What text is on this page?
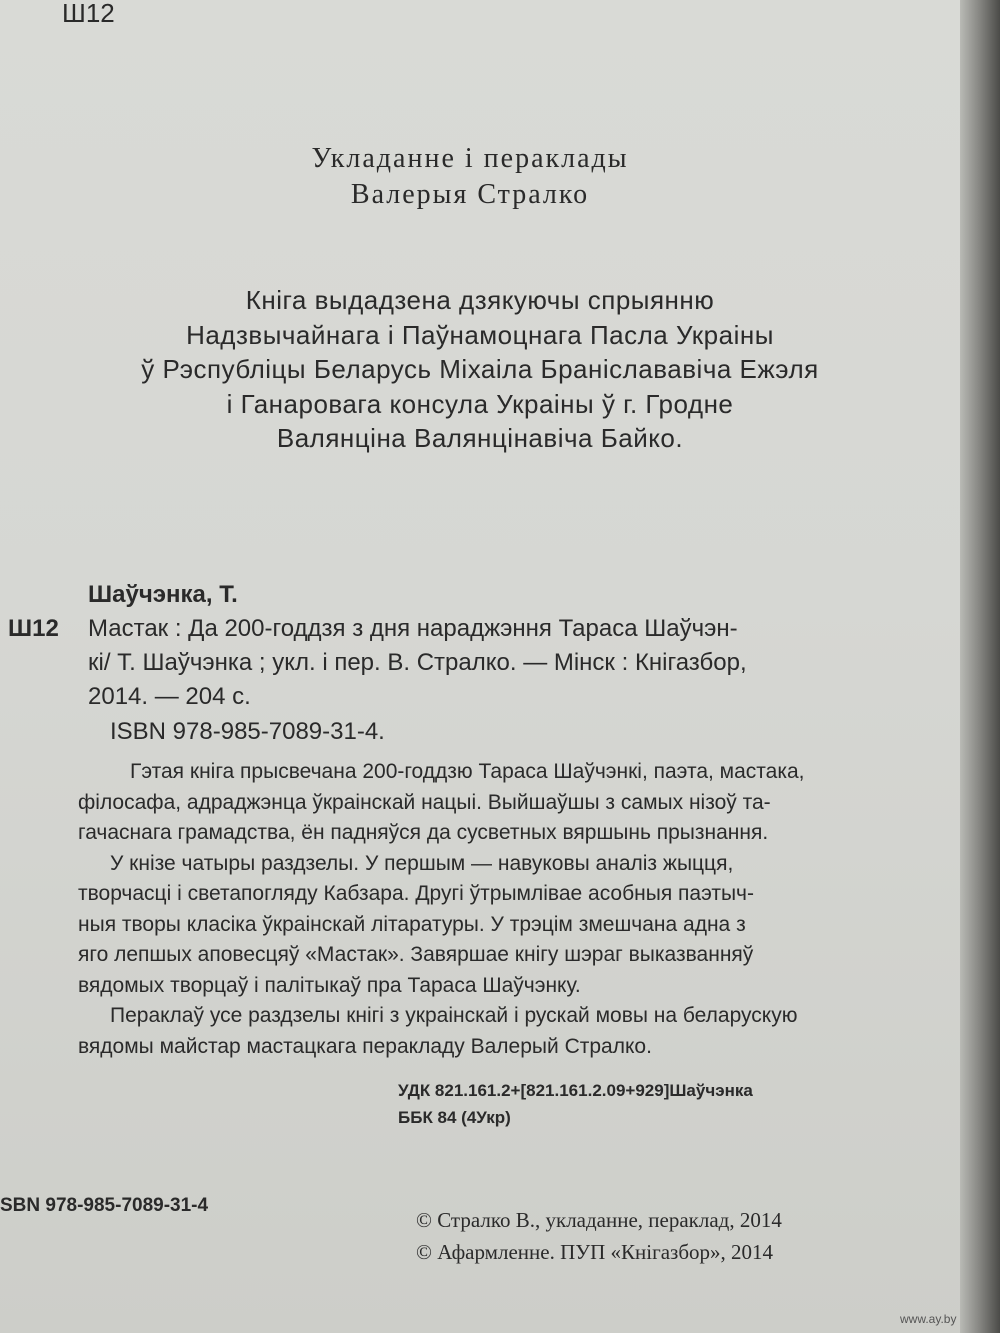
Ш12
Укладанне і пераклады
Валерыя Стралко
Кніга выдадзена дзякуючы спрыянню
Надзвычайнага і Паўнамоцнага Пасла Украіны
ў Рэспубліцы Беларусь Міхаіла Браніслававіча Ежэля
і Ганаровага консула Украіны ў г. Гродне
Валянціна Валянцінавіча Байко.
Шаўчэнка, Т.
Ш12 Мастак : Да 200-годдзя з дня нараджэння Тараса Шаўчэн-
кі/ Т. Шаўчэнка ; укл. і пер. В. Стралко. — Мінск : Кнігазбор,
2014. — 204 с.
ISBN 978-985-7089-31-4.
Гэтая кніга прысвечана 200-годдзю Тараса Шаўчэнкі, паэта, мастака,
філосафа, адраджэнца ўкраінскай нацыі. Выйшаўшы з самых нізоў та-
гачаснага грамадства, ён падняўся да сусветных вяршынь прызнання.
У кнізе чатыры раздзелы. У першым — навуковы аналіз жыцця,
творчасці і светапогляду Кабзара. Другі ўтрымлівае асобныя паэтыч-
ныя творы класіка ўкраінскай літаратуры. У трэцім змешчана адна з
яго лепшых аповесцяў «Мастак». Завяршае кнігу шэраг выказванняў
вядомых творцаў і палітыкаў пра Тараса Шаўчэнку.
Пераклаў усе раздзелы кнігі з украінскай і рускай мовы на беларускую
вядомы майстар мастацкага перакладу Валерый Стралко.
УДК 821.161.2+[821.161.2.09+929]Шаўчэнка
ББК 84 (4Укр)
SBN 978-985-7089-31-4
© Стралко В., укладанне, пераклад, 2014
© Афармленне. ПУП «Кнігазбор», 2014
www.ay.by
